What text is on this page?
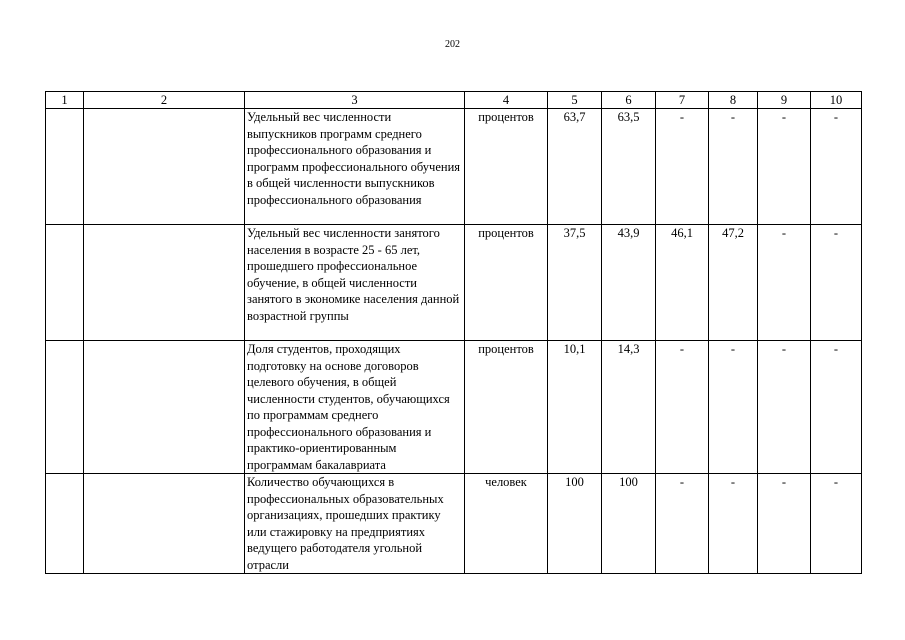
202
1	2	3	4	5	6	7	8	9	10
		Удельный вес численности выпускников программ среднего профессионального образования и программ профессионального обучения в общей численности выпускников профессионального образования	процентов	63,7	63,5	-	-	-	-
		Удельный вес численности занятого населения в возрасте 25 - 65 лет, прошедшего профессиональное обучение, в общей численности занятого в экономике населения данной возрастной группы	процентов	37,5	43,9	46,1	47,2	-	-
		Доля студентов, проходящих подготовку на основе договоров целевого обучения, в общей численности студентов, обучающихся по программам среднего профессионального образования и практико-ориентированным программам бакалавриата	процентов	10,1	14,3	-	-	-	-
		Количество обучающихся в профессиональных образовательных организациях, прошедших практику или стажировку на предприятиях ведущего работодателя угольной отрасли	человек	100	100	-	-	-	-
